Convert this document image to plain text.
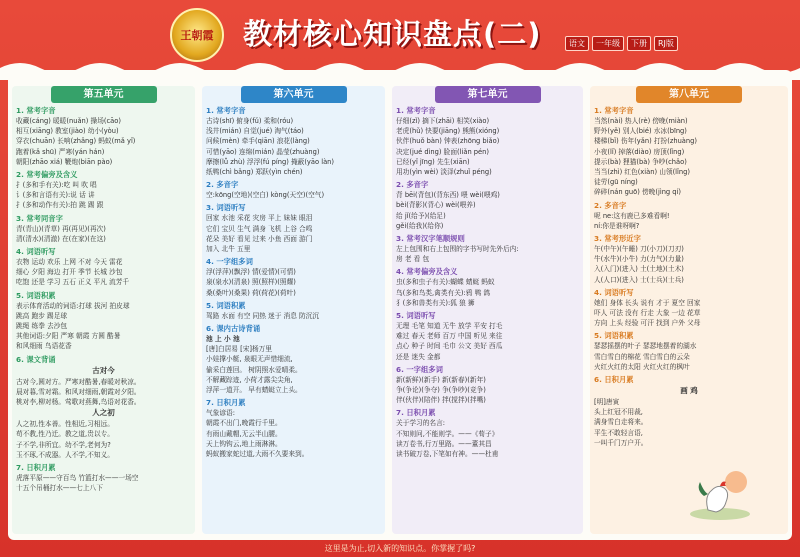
王朝霞 教材核心知识盘点(二)	语文	一年级	下册	RJ版
第五单元
1. 常考字音
收藏(cáng) 暖暖(nuǎn) 操场(cāo)
相互(xiāng) 教室(jiào) 幼小(yòu)
穿衣(chuān) 长响(zhǎng) 蚂蚁(mǎ yǐ)
跑着(kǎ shū) 严寒(yán hán)
朝阳(zhāo xiá) 鞭炮(biān pào)
2. 常考偏旁及含义
扌(多和手有关):吃 叫 吹 唱
讠(多和言语有关):说 话 讲
扌(多和动作有关):拍 跳 踢 跟
3. 常考同音字
青(青山)(青草) 再(再见)(再次)
清(清水)(清澈) 在(在家)(在这)
4. 词语听写
衣物 运动 欢乐 上网 不对 今天 雷花
细心 夕阳 海边 打开 季节 长城 沙包
吃饱 还是 学习 五石 正义 平凡 流芳千
5. 词语积累
表示体育活动的词语:打球 拔河 拍皮球
跳高 跑步 踢足球
跳绳 练拳 去沙包
其他词语:夕阳 严寒 朝霞 方圆 酷暑
和风细雨 鸟语花香
6. 课文背诵
古对今
古对今,圆对方。严寒对酷暑,春暖对秋凉。
晨对暮,雪对霜。和风对细雨,朝霞对夕阳。
桃对李,柳对杨。莺歌对燕舞,鸟语对花香。
人之初
人之初,性本善。性相近,习相远。
苟不教,性乃迁。教之道,贵以专。
子不学,非所宜。幼不学,老何为?
玉不琢,不成器。人不学,不知义。
7. 日积月累
虎落平原——守百鸟 竹篮打水——一场空
十五个吊桶打水——七上八下
第六单元
1. 常考字音
古诗(shī) 俯身(fǔ) 柔和(róu)
浅井(mián) 自觉(jué) 淘气(táo)
问候(mèn) 牵手(qiān) 浪花(làng)
可惜(yāo) 连绵(mián) 晶莹(zhuàng)
摩擦(lǚ zhù) 浮浮(fú píng) 掩蔽(yāo làn)
纸鸭(chì bǎng) 郑跃(yìn chén)
2. 多音字
空:kōng(空地)(空白) kòng(天空)(空气)
3. 词语听写
回家 水池 采花 灾房 平上 妹妹 眼泪
它们 宝贝 生气 满身 飞机 上谷 合鸣
花朵 美好 看见 过来 小鱼 西面 游门
加入 北牛 五里
4. 一字组多词
浮(浮萍)(飘浮) 情(爱情)(可情)
泉(泉水)(清泉) 照(照样)(照耀)
桑(桑叶)(桑果) 荷(荷花)(荷叶)
5. 词语积累
驾路 水面 有空 同热 迷于 消息 防沉沉
6. 课内古诗背诵
池 上 小 池
[唐]白居易 [宋]杨万里
小娃撑小艇, 泉眼无声惜细流,
偷采白莲回。 树阴照水爱晴柔。
不解藏踪迹, 小荷才露尖尖角,
浮萍一道开。 早有蜻蜓立上头。
7. 日积月累
气象谚语:
朝霞不出门,晚霞行千里。
有雨山戴帽,无云半山腰。
天上钩钩云,地上雨淋淋。
蚂蚁搬家蛇过道,大雨不久要来到。
第七单元
1. 常考字音
仔细(zǐ) 摘下(zhāi) 相笑(xiào)
老虎(hǔ) 快要(jiāng) 熊熊(xióng)
伙伴(huǒ bàn) 钟表(zhōng biǎo)
决定(jué dìng) 脸面(liǎn pén)
已经(yǐ jīng) 先生(xiān)
用功(yìn wèi) 淡泽(zhuǐ péng)
2. 多音字
背 bēi(背包)(背东西) 喂 wèi(喂鸡)
bèi(背影)(背心) wèi(喂养)
给 jǐ(给予)(给足)
gěi(给我)(给你)
3. 常考汉字笔顺规则
左上包围和右上包围的字书写时先外后内:
房 老 看 包
4. 常考偏旁及含义
虫(多和虫子有关):蝴蝶 蜻蜓 蚂蚁
鸟(多和鸟类,禽类有关):鸦 鸭 鸽
犭(多和兽类有关):狐 狼 狮
5. 词语听写
无理 毛笔 知道 无牛 放学 平安 打毛
难过 春天 老师 百万 中国 听见 来往
点心 种子 时间 毛巾 公文 美好 西瓜
还是 迷失 金都
6. 一字组多词
新(新鲜)(新手) 新(新春)(新年)
争(争论)(争夺) 争(争吵)(竞争)
伴(伙伴)(陪伴) 拌(搅拌)(拌嘴)
7. 日积月累
关于学习的名言:
不知则问,不能则学。——《荀子》
读万卷书,行万里路。——董其昌
读书破万卷,下笔如有神。——杜甫
第八单元
1. 常考字音
当然(nài) 热人(rè) 傍晚(miàn)
野外(yě) 别人(bié) 水冰(bīng)
楼梯(bǐ) 伤年(yǎn) 打扮(zhuàng)
小夜(lǐ) 掉落(diào) 房顶(lǐng)
提示(bà) 狸猫(bà) 争吵(chǎo)
当当(zhì) 红色(xiàn) 山领(lǐng)
徒劳(gū níng)
碎碎(nán guō) 傍晚(jìng qí)
2. 多音字
呢 ne:这有鹿已多难看啊!
ní:你是谁呀啊?
3. 常考形近字
午(中午)(午睡) 刀(小刀)(刀刃)
牛(水牛)(小牛) 力(力气)(力量)
入(入门)(进入) 土(土地)(土木)
人(人口)(进入) 士(士兵)(士兵)
4. 词语听写
她们 身体 长头 说有 才于 夏空 回家
吓人 可法 没有 行走 大象 一边 花草
方向 上头 经验 可汗 找到 户外 父母
5. 词语积累
瑟瑟摇摆的叶子 瑟瑟地摆着的湖水
雪白雪白的棉花 雪白雪白的云朵
火红火红的太阳 火红火红的枫叶
6. 日积月累
画 鸡
[明]唐寅
头上红冠不用裁,
满身雪白走将来。
平生不敢轻言语,
一叫千门万户开。
这里是为止,切入新的知识点。你掌握了吗?
